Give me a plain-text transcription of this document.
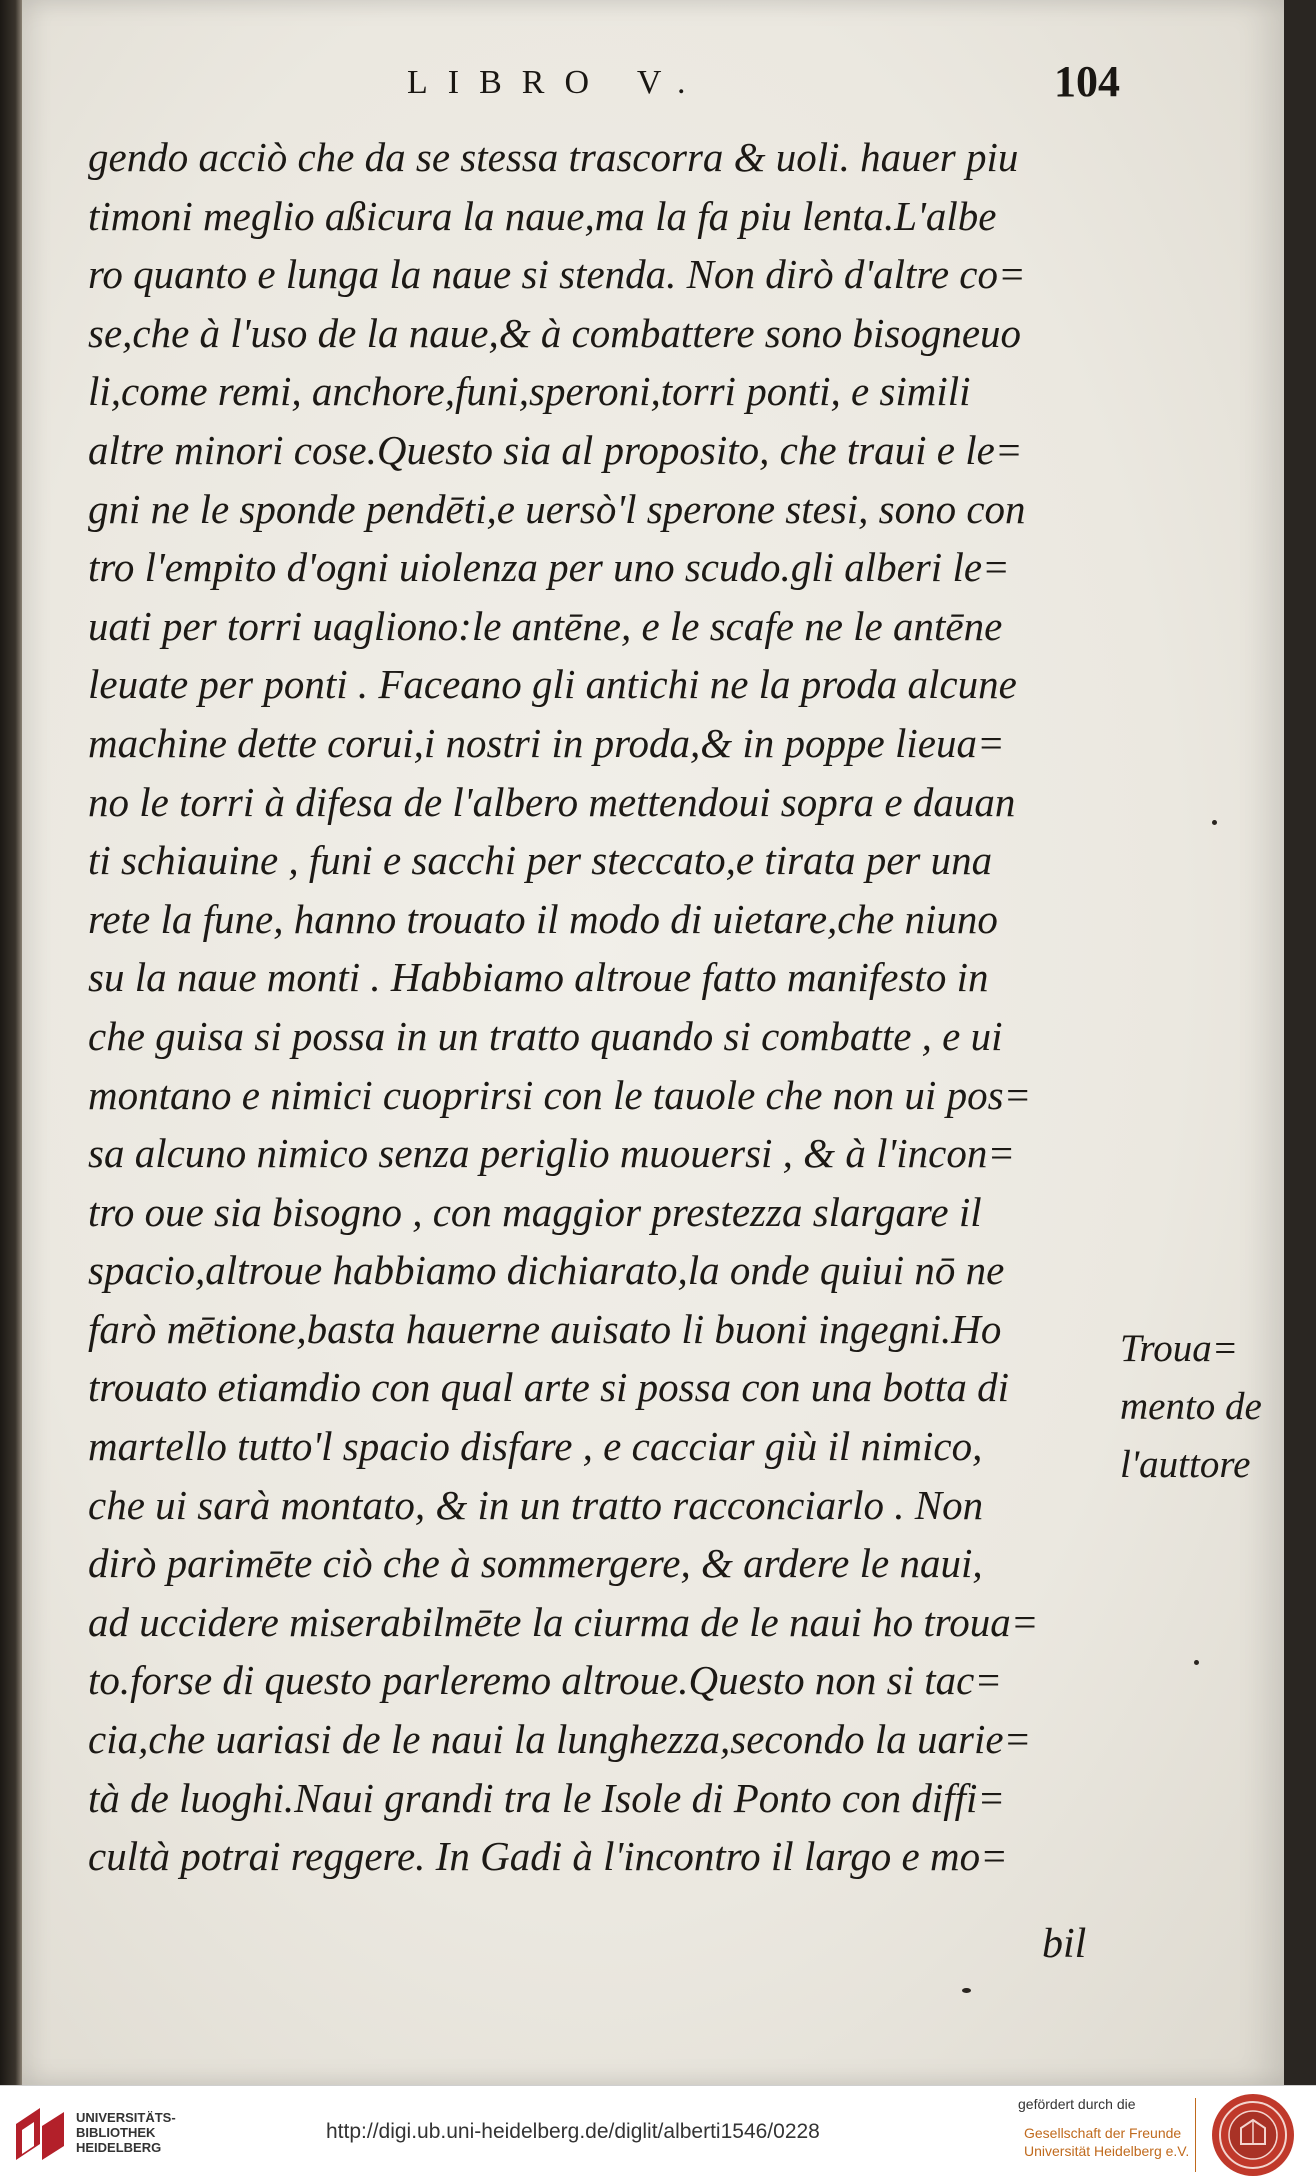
LIBRO V.	104
gendo acciò che da se stessa trascorra & uoli. hauer piu
timoni meglio aßicura la naue,ma la fa piu lenta.L'albe
ro quanto e lunga la naue si stenda. Non dirò d'altre co=
se,che à l'uso de la naue,& à combattere sono bisogneuo
li,come remi, anchore,funi,speroni,torri ponti, e simili
altre minori cose.Questo sia al proposito, che traui e le=
gni ne le sponde pendēti,e uersò'l sperone stesi, sono con
tro l'empito d'ogni uiolenza per uno scudo.gli alberi le=
uati per torri uagliono:le antēne, e le scafe ne le antēne
leuate per ponti . Faceano gli antichi ne la proda alcune
machine dette corui,i nostri in proda,& in poppe lieua=
no le torri à difesa de l'albero mettendoui sopra e dauan
ti schiauine , funi e sacchi per steccato,e tirata per una
rete la fune, hanno trouato il modo di uietare,che niuno
su la naue monti . Habbiamo altroue fatto manifesto in
che guisa si possa in un tratto quando si combatte , e ui
montano e nimici cuoprirsi con le tauole che non ui pos=
sa alcuno nimico senza periglio muouersi , & à l'incon=
tro oue sia bisogno , con maggior prestezza slargare il
spacio,altroue habbiamo dichiarato,la onde quiui nō ne
farò mētione,basta hauerne auisato li buoni ingegni.Ho
trouato etiamdio con qual arte si possa con una botta di
martello tutto'l spacio disfare , e cacciar giù il nimico,
che ui sarà montato, & in un tratto racconciarlo . Non
dirò parimēte ciò che à sommergere, & ardere le naui,
ad uccidere miserabilmēte la ciurma de le naui ho troua=
to.forse di questo parleremo altroue.Questo non si tac=
cia,che uariasi de le naui la lunghezza,secondo la uarie=
tà de luoghi.Naui grandi tra le Isole di Ponto con diffi=
cultà potrai reggere. In Gadi à l'incontro il largo e mo=
bil
Troua=
mento de
l'auttore
UNIVERSITÄTS-
BIBLIOTHEK
HEIDELBERG
http://digi.ub.uni-heidelberg.de/diglit/alberti1546/0228
gefördert durch die
Gesellschaft der Freunde
Universität Heidelberg e.V.
